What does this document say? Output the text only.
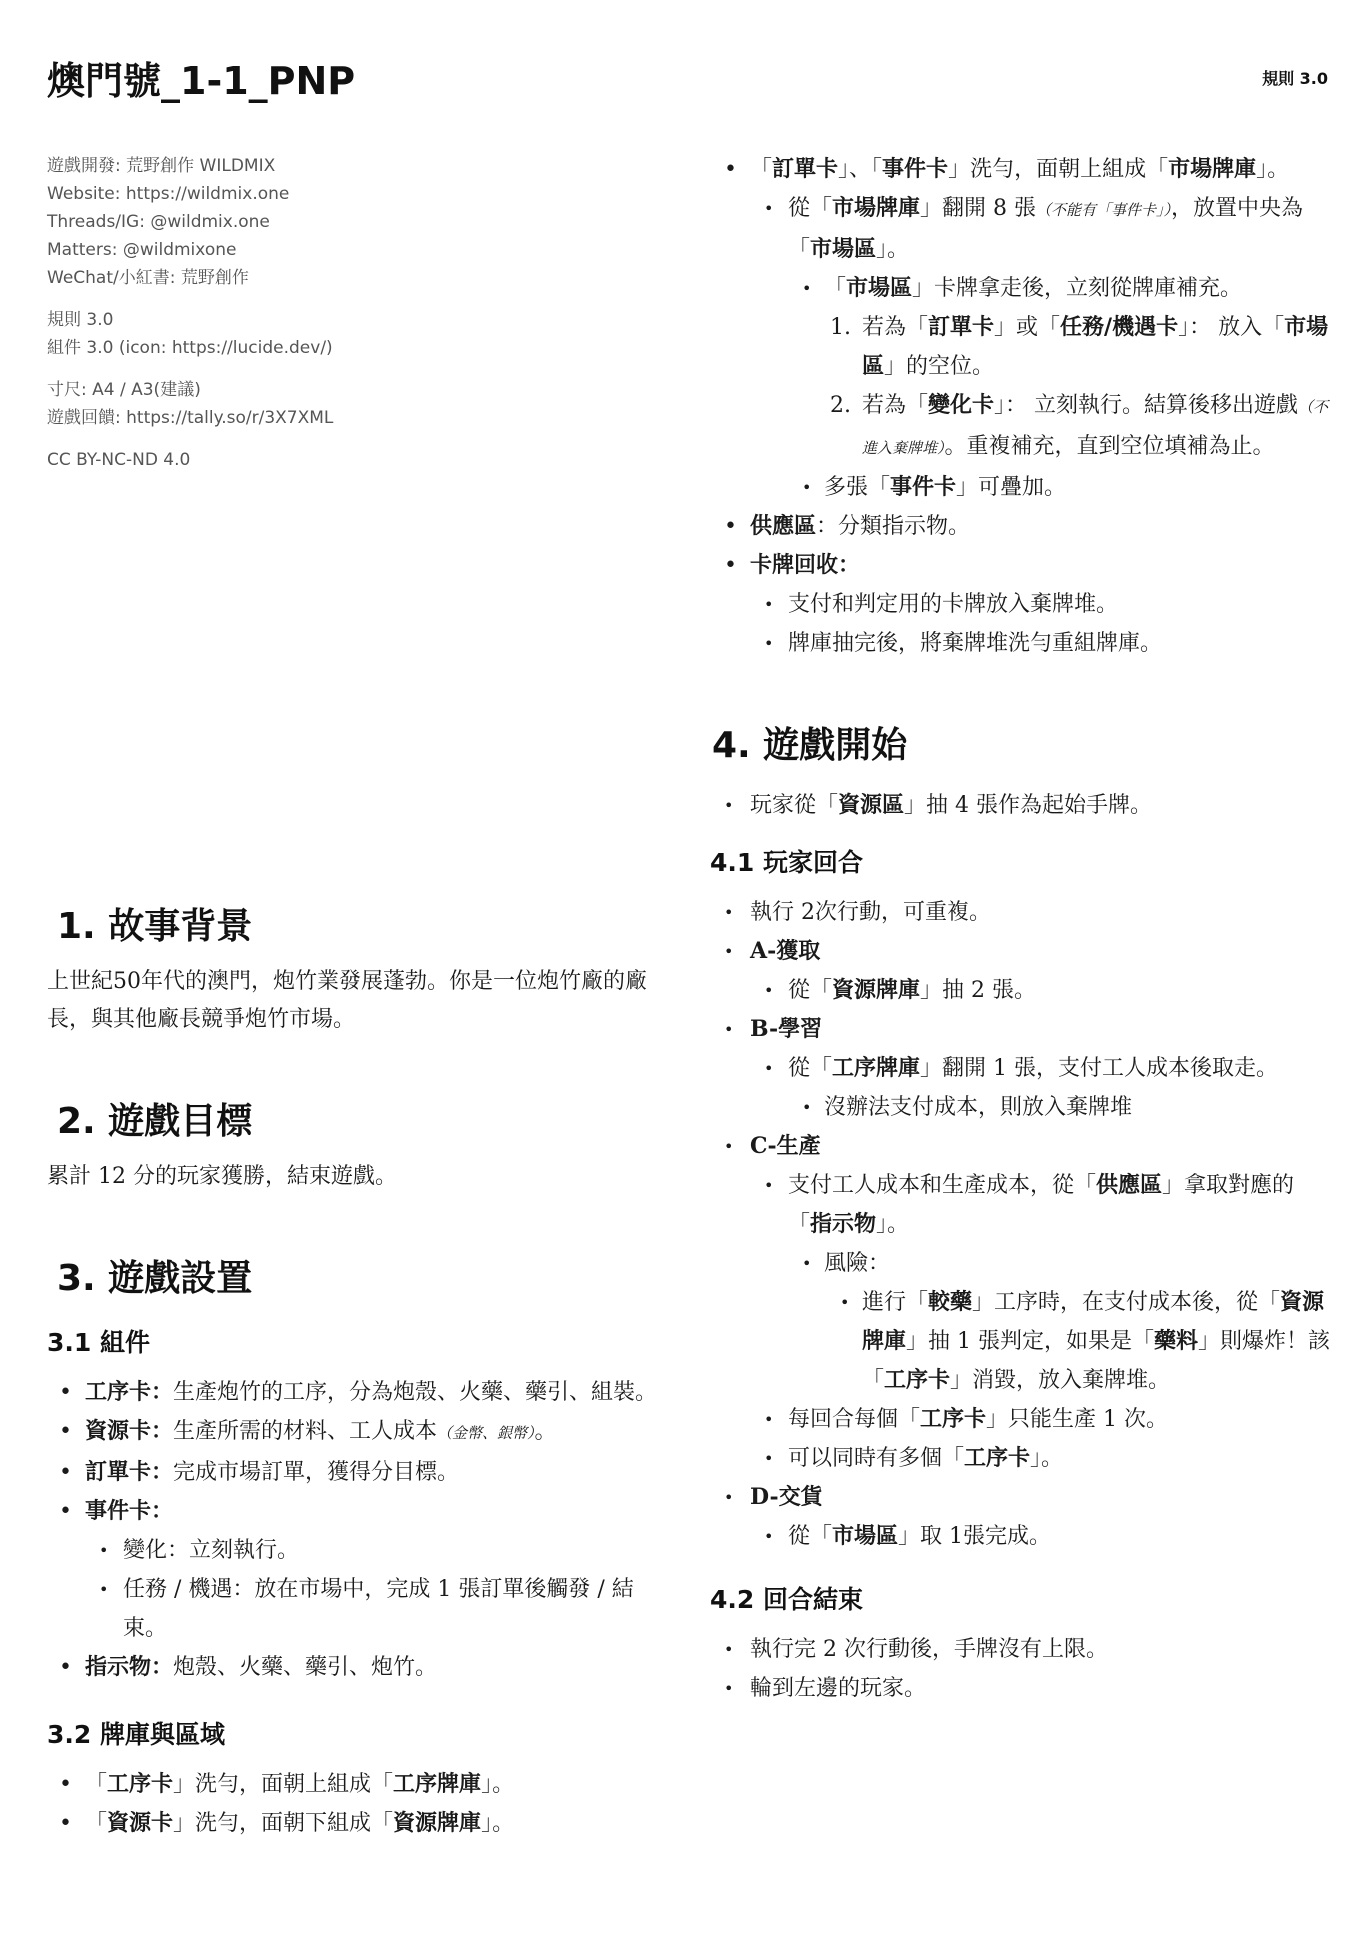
燠門號_1-1_PNP	規則 3.0
遊戲開發: 荒野創作 WILDMIX
Website: https://wildmix.one
Threads/IG: @wildmix.one
Matters: @wildmixone
WeChat/小紅書: 荒野創作
規則 3.0
組件 3.0 (icon: https://lucide.dev/)
寸尺: A4 / A3(建議)
遊戲回饋: https://tally.so/r/3X7XML
CC BY-NC-ND 4.0
1. 故事背景

上世紀50年代的澳門，炮竹業發展蓬勃。你是一位炮竹廠的廠長，與其他廠長競爭炮竹市場。

2. 遊戲目標

累計 12 分的玩家獲勝，結束遊戲。

3. 遊戲設置
3.1 組件
• 工序卡：生產炮竹的工序，分為炮殼、火藥、藥引、組裝。
• 資源卡：生產所需的材料、工人成本（金幣、銀幣）。
• 訂單卡：完成市場訂單，獲得分目標。
• 事件卡：
• 變化：立刻執行。
• 任務 / 機遇：放在市場中，完成 1 張訂單後觸發 / 結束。
• 指示物：炮殼、火藥、藥引、炮竹。
3.2 牌庫與區域
• 「工序卡」洗勻，面朝上組成「工序牌庫」。
• 「資源卡」洗勻，面朝下組成「資源牌庫」。
• 「訂單卡」、「事件卡」洗勻，面朝上組成「市場牌庫」。
• 從「市場牌庫」翻開 8 張（不能有「事件卡」），放置中央為「市場區」。
• 「市場區」卡牌拿走後，立刻從牌庫補充。
1. 若為「訂單卡」或「任務/機遇卡」： 放入「市場區」的空位。
2. 若為「變化卡」： 立刻執行。結算後移出遊戲（不進入棄牌堆）。重複補充，直到空位填補為止。
• 多張「事件卡」可疊加。
• 供應區：分類指示物。
• 卡牌回收：
• 支付和判定用的卡牌放入棄牌堆。
• 牌庫抽完後，將棄牌堆洗勻重組牌庫。
4. 遊戲開始
• 玩家從「資源區」抽 4 張作為起始手牌。
4.1 玩家回合
• 執行 2次行動，可重複。
• A-獲取
• 從「資源牌庫」抽 2 張。
• B-學習
• 從「工序牌庫」翻開 1 張，支付工人成本後取走。
• 沒辦法支付成本，則放入棄牌堆
• C-生產
• 支付工人成本和生產成本，從「供應區」拿取對應的「指示物」。
• 風險：
• 進行「較藥」工序時，在支付成本後，從「資源牌庫」抽 1 張判定，如果是「藥料」則爆炸！該「工序卡」消毀，放入棄牌堆。
• 每回合每個「工序卡」只能生產 1 次。
• 可以同時有多個「工序卡」。
• D-交貨
• 從「市場區」取 1張完成。
4.2 回合結束
• 執行完 2 次行動後，手牌沒有上限。
• 輪到左邊的玩家。
